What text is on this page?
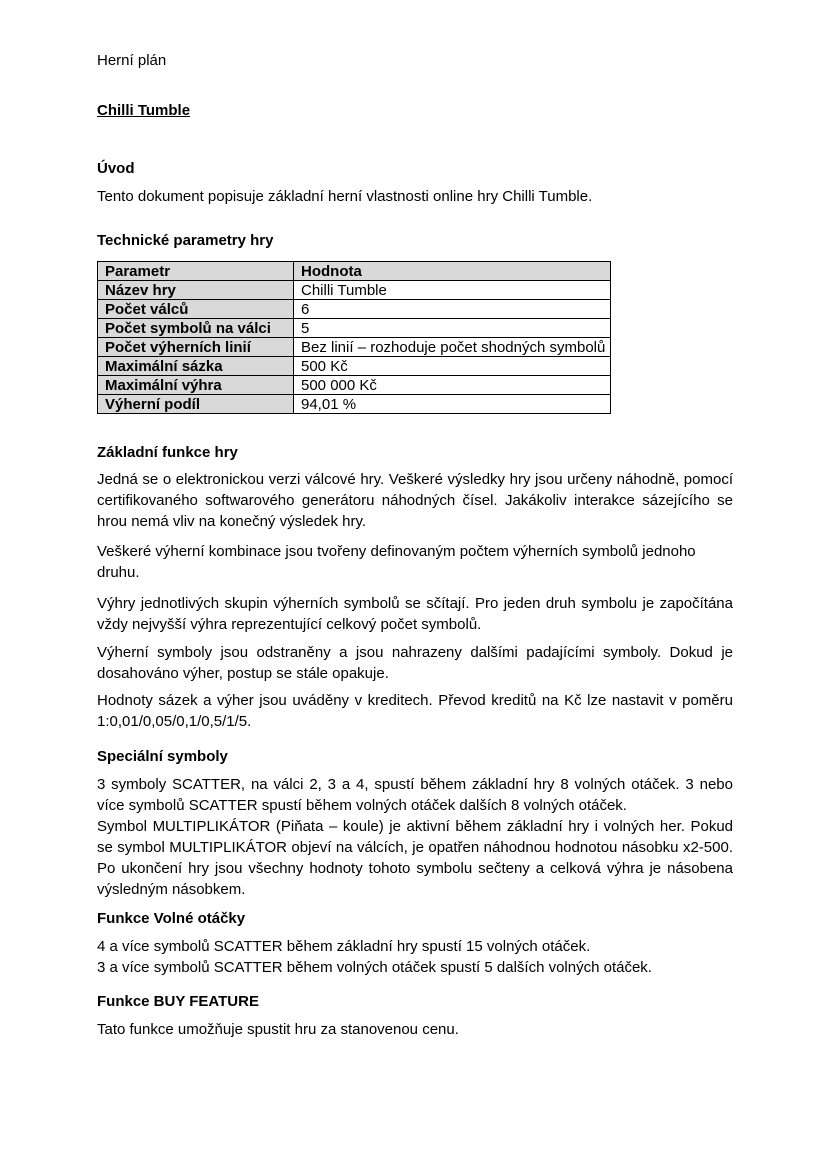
Herní plán

Chilli Tumble

Úvod

Tento dokument popisuje základní herní vlastnosti online hry Chilli Tumble.

Technické parametry hry

Parametr	Hodnota
Název hry	Chilli Tumble
Počet válců	6
Počet symbolů na válci	5
Počet výherních linií	Bez linií – rozhoduje počet shodných symbolů
Maximální sázka	500 Kč
Maximální výhra	500 000 Kč
Výherní podíl	94,01 %

Základní funkce hry

Jedná se o elektronickou verzi válcové hry. Veškeré výsledky hry jsou určeny náhodně, pomocí certifikovaného softwarového generátoru náhodných čísel. Jakákoliv interakce sázejícího se hrou nemá vliv na konečný výsledek hry.

Veškeré výherní kombinace jsou tvořeny definovaným počtem výherních symbolů jednoho druhu.

Výhry jednotlivých skupin výherních symbolů se sčítají. Pro jeden druh symbolu je započítána vždy nejvyšší výhra reprezentující celkový počet symbolů.

Výherní symboly jsou odstraněny a jsou nahrazeny dalšími padajícími symboly. Dokud je dosahováno výher, postup se stále opakuje.

Hodnoty sázek a výher jsou uváděny v kreditech. Převod kreditů na Kč lze nastavit v poměru 1:0,01/0,05/0,1/0,5/1/5.

Speciální symboly

3 symboly SCATTER, na válci 2, 3 a 4, spustí během základní hry 8 volných otáček. 3 nebo více symbolů SCATTER spustí během volných otáček dalších 8 volných otáček.

Symbol MULTIPLIKÁTOR (Piňata – koule) je aktivní během základní hry i volných her. Pokud se symbol MULTIPLIKÁTOR objeví na válcích, je opatřen náhodnou hodnotou násobku x2-500. Po ukončení hry jsou všechny hodnoty tohoto symbolu sečteny a celková výhra je násobena výsledným násobkem.

Funkce Volné otáčky

4 a více symbolů SCATTER během základní hry spustí 15 volných otáček.
3 a více symbolů SCATTER během volných otáček spustí 5 dalších volných otáček.

Funkce BUY FEATURE

Tato funkce umožňuje spustit hru za stanovenou cenu.
